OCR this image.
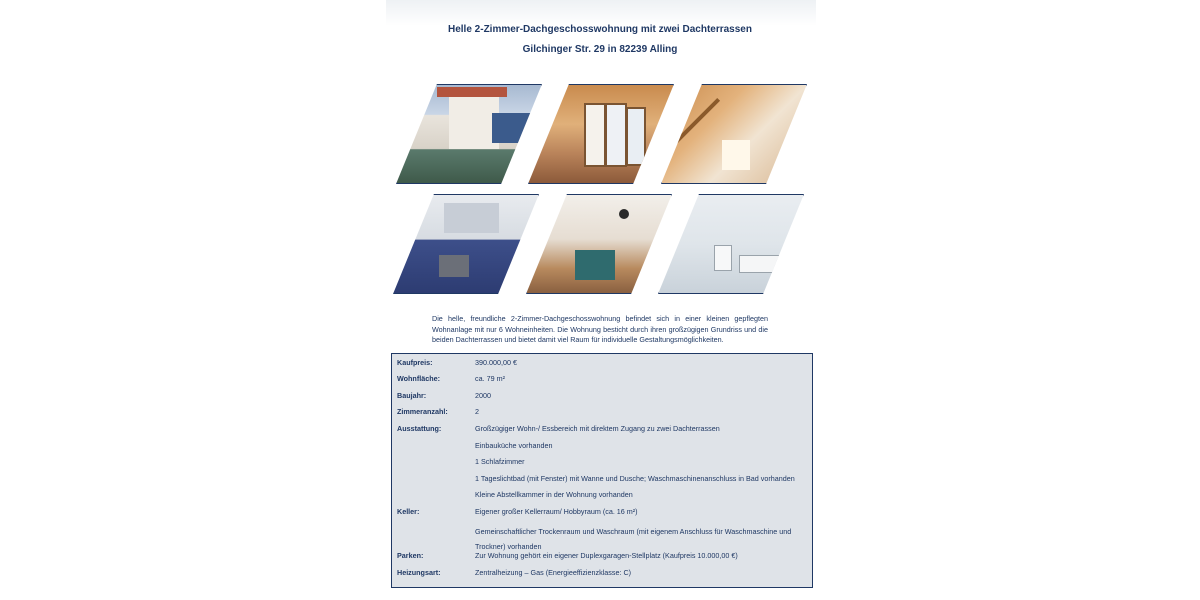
Helle 2-Zimmer-Dachgeschosswohnung mit zwei Dachterrassen
Gilchinger Str. 29 in 82239 Alling
Die helle, freundliche 2-Zimmer-Dachgeschosswohnung befindet sich in einer kleinen gepflegten Wohnanlage mit nur 6 Wohneinheiten. Die Wohnung besticht durch ihren großzügigen Grundriss und die beiden Dachterrassen und bietet damit viel Raum für individuelle Gestaltungsmöglichkeiten.
Kaufpreis:	390.000,00 €
Wohnfläche:	ca. 79 m²
Baujahr:	2000
Zimmeranzahl:	2
Ausstattung:	Großzügiger Wohn-/ Essbereich mit direktem Zugang zu zwei Dachterrassen
Einbauküche vorhanden
1 Schlafzimmer
1 Tageslichtbad (mit Fenster) mit Wanne und Dusche; Waschmaschinenanschluss in Bad vorhanden
Kleine Abstellkammer in der Wohnung vorhanden
Keller:	Eigener großer Kellerraum/ Hobbyraum (ca. 16 m²)
Gemeinschaftlicher Trockenraum und Waschraum (mit eigenem Anschluss für Waschmaschine und Trockner) vorhanden
Parken:	Zur Wohnung gehört ein eigener Duplexgaragen-Stellplatz (Kaufpreis 10.000,00 €)
Heizungsart:	Zentralheizung – Gas (Energieeffizienzklasse: C)
